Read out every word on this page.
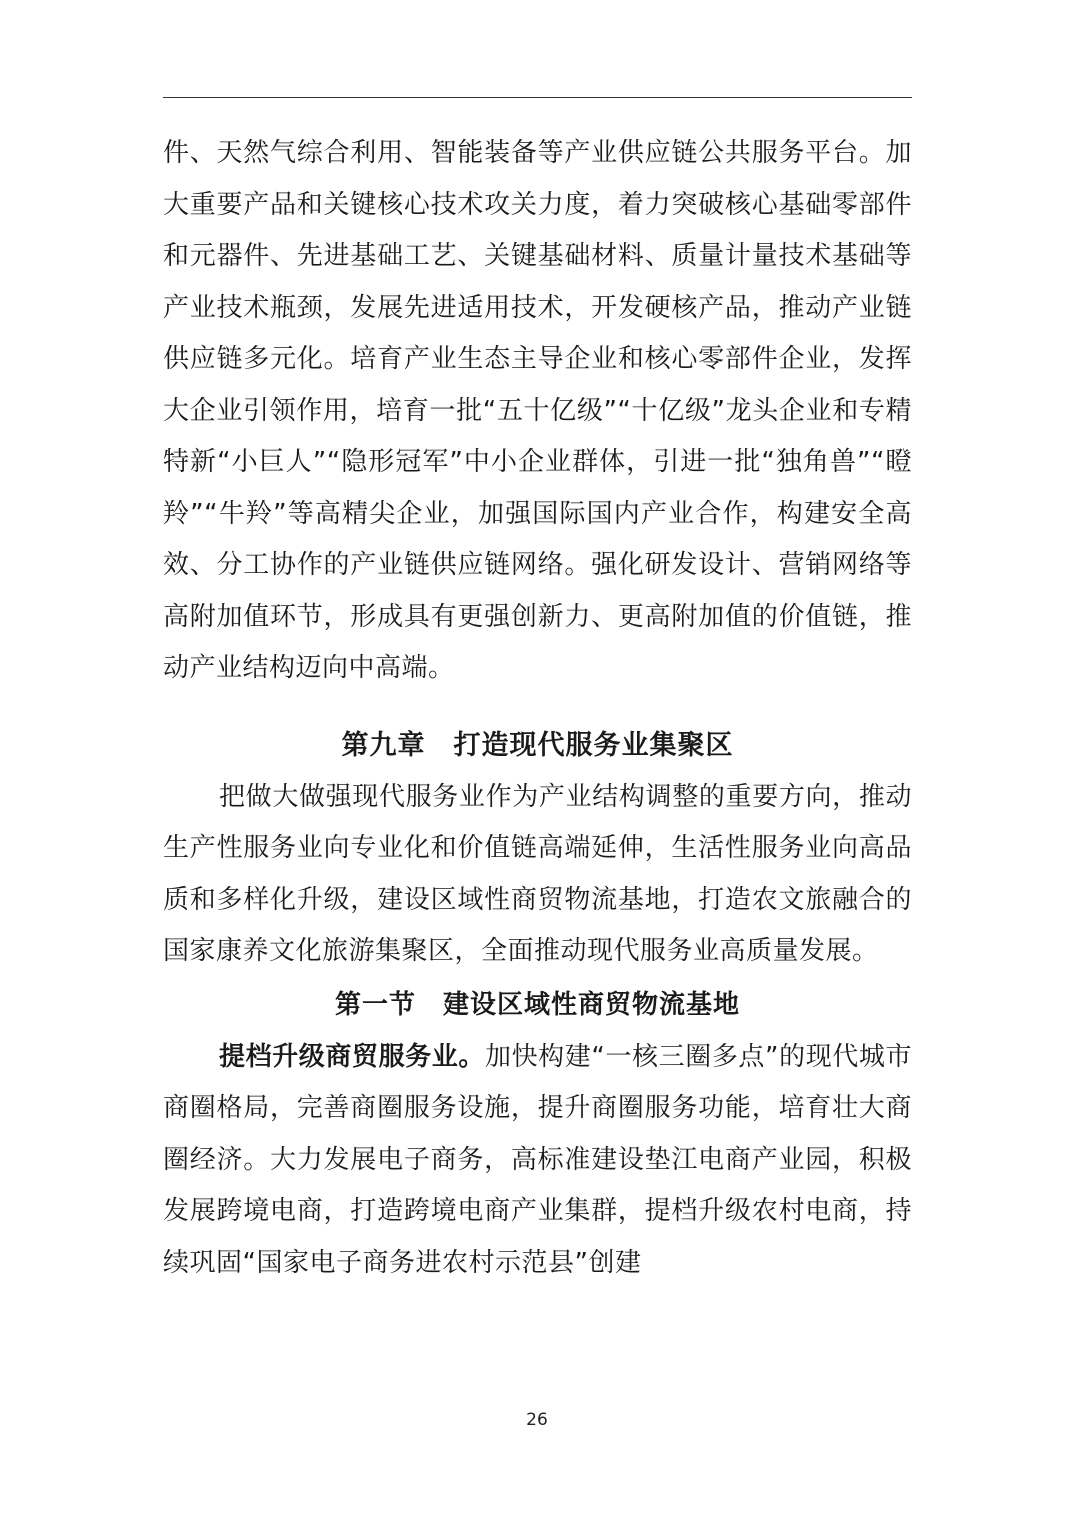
件、天然气综合利用、智能装备等产业供应链公共服务平台。加大重要产品和关键核心技术攻关力度，着力突破核心基础零部件和元器件、先进基础工艺、关键基础材料、质量计量技术基础等产业技术瓶颈，发展先进适用技术，开发硬核产品，推动产业链供应链多元化。培育产业生态主导企业和核心零部件企业，发挥大企业引领作用，培育一批“五十亿级”“十亿级”龙头企业和专精特新“小巨人”“隐形冠军”中小企业群体，引进一批“独角兽”“瞪羚”“牛羚”等高精尖企业，加强国际国内产业合作，构建安全高效、分工协作的产业链供应链网络。强化研发设计、营销网络等高附加值环节，形成具有更强创新力、更高附加值的价值链，推动产业结构迈向中高端。

第九章　打造现代服务业集聚区

把做大做强现代服务业作为产业结构调整的重要方向，推动生产性服务业向专业化和价值链高端延伸，生活性服务业向高品质和多样化升级，建设区域性商贸物流基地，打造农文旅融合的国家康养文化旅游集聚区，全面推动现代服务业高质量发展。

第一节　建设区域性商贸物流基地

提档升级商贸服务业。加快构建“一核三圈多点”的现代城市商圈格局，完善商圈服务设施，提升商圈服务功能，培育壮大商圈经济。大力发展电子商务，高标准建设垫江电商产业园，积极发展跨境电商，打造跨境电商产业集群，提档升级农村电商，持续巩固“国家电子商务进农村示范县”创建

26
